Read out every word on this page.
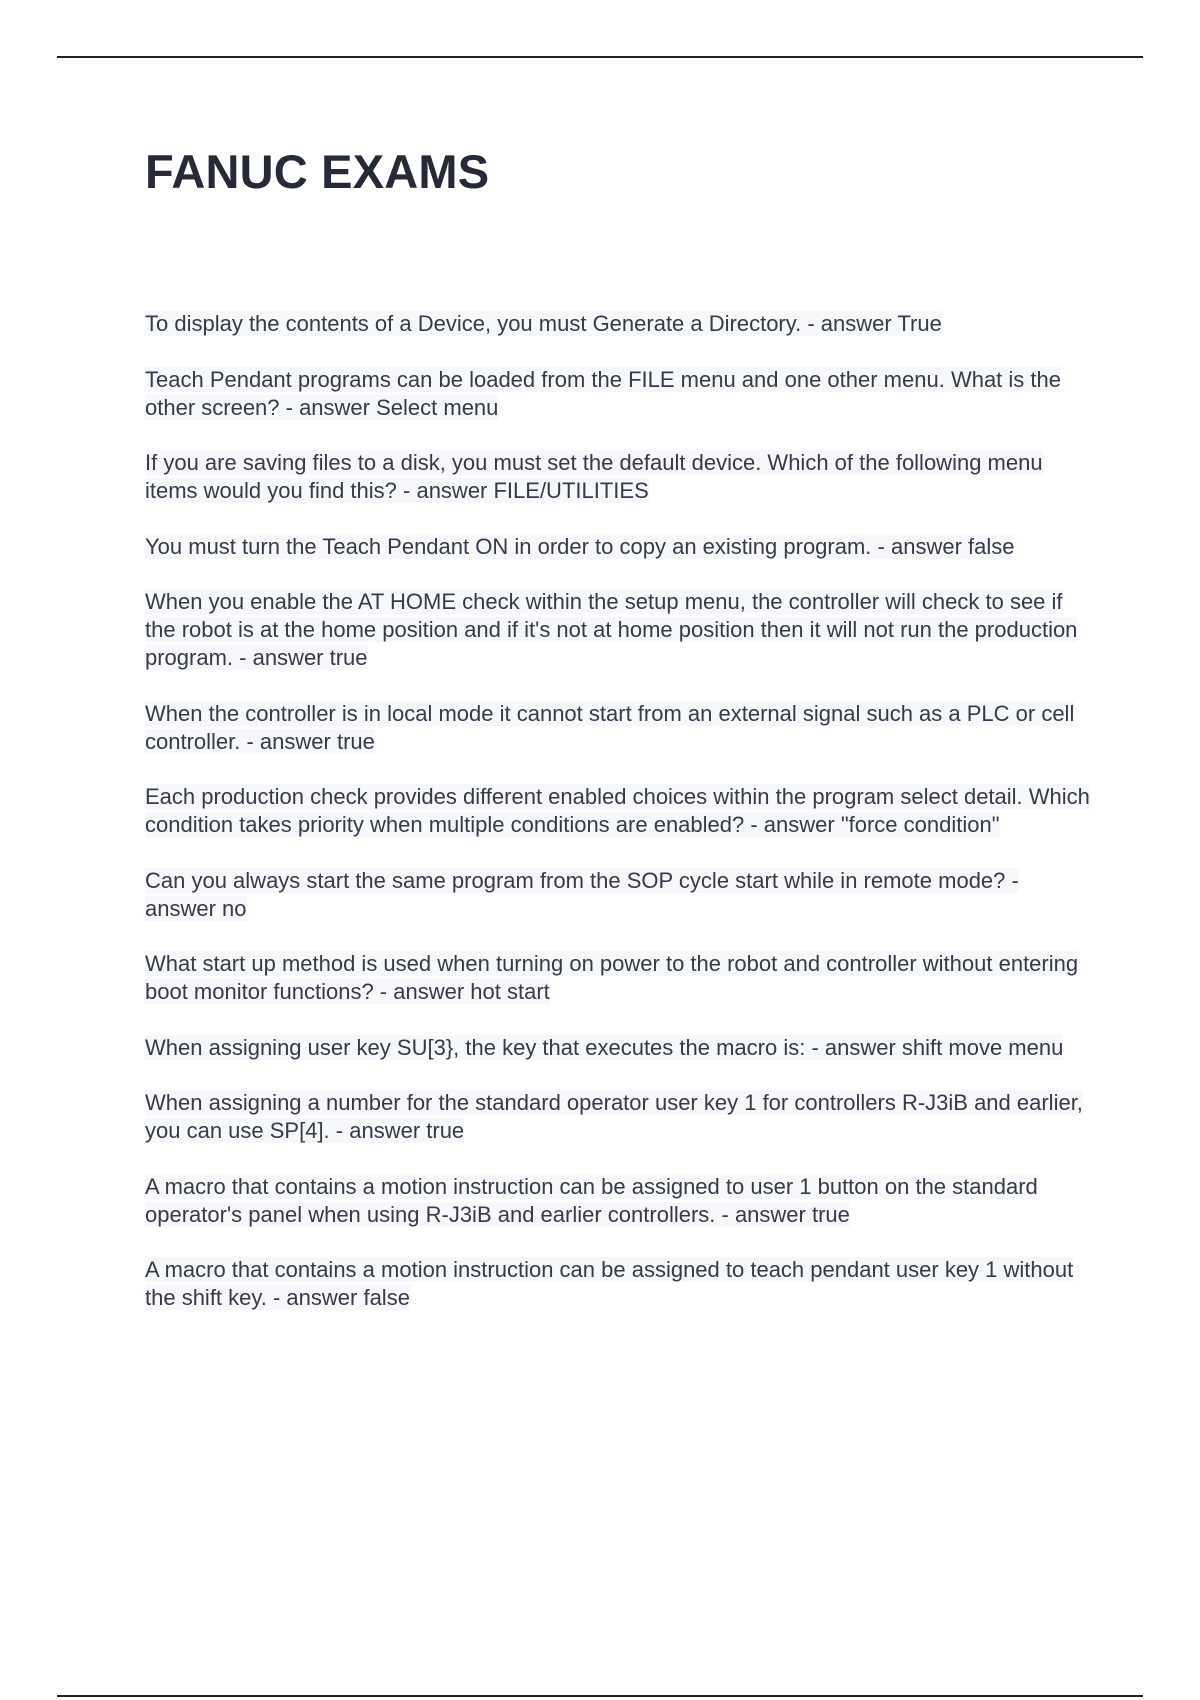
FANUC EXAMS
To display the contents of a Device, you must Generate a Directory. - answer True
Teach Pendant programs can be loaded from the FILE menu and one other menu. What is the other screen? - answer Select menu
If you are saving files to a disk, you must set the default device. Which of the following menu items would you find this? - answer FILE/UTILITIES
You must turn the Teach Pendant ON in order to copy an existing program. - answer false
When you enable the AT HOME check within the setup menu, the controller will check to see if the robot is at the home position and if it's not at home position then it will not run the production program. - answer true
When the controller is in local mode it cannot start from an external signal such as a PLC or cell controller. - answer true
Each production check provides different enabled choices within the program select detail. Which condition takes priority when multiple conditions are enabled? - answer "force condition"
Can you always start the same program from the SOP cycle start while in remote mode? - answer no
What start up method is used when turning on power to the robot and controller without entering boot monitor functions? - answer hot start
When assigning user key SU[3}, the key that executes the macro is: - answer shift move menu
When assigning a number for the standard operator user key 1 for controllers R-J3iB and earlier, you can use SP[4]. - answer true
A macro that contains a motion instruction can be assigned to user 1 button on the standard operator's panel when using R-J3iB and earlier controllers. - answer true
A macro that contains a motion instruction can be assigned to teach pendant user key 1 without the shift key. - answer false
